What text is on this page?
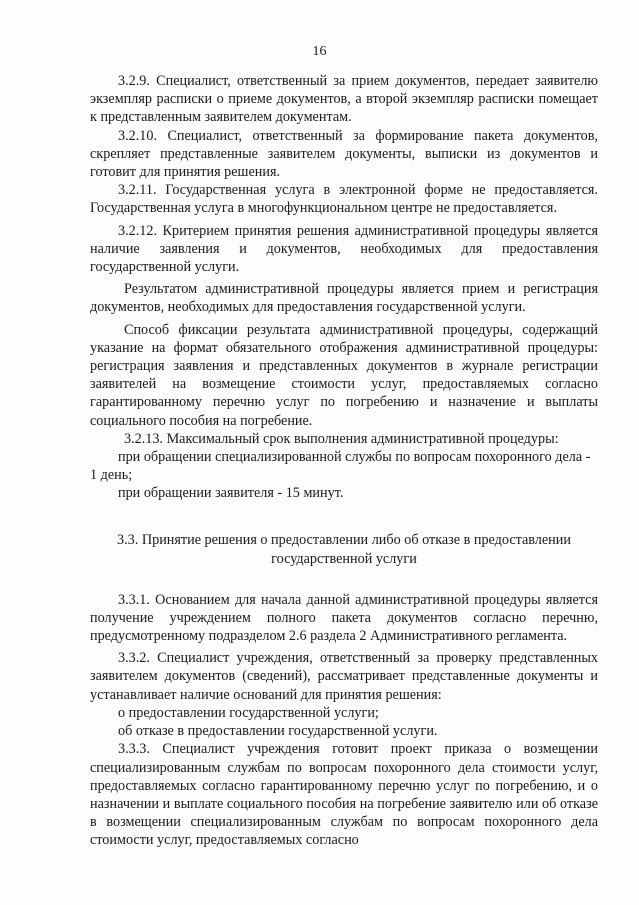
16

3.2.9. Специалист, ответственный за прием документов, передает заявителю экземпляр расписки о приеме документов, а второй экземпляр расписки помещает к представленным заявителем документам.

3.2.10. Специалист, ответственный за формирование пакета документов, скрепляет представленные заявителем документы, выписки из документов и готовит для принятия решения.

3.2.11. Государственная услуга в электронной форме не предоставляется. Государственная услуга в многофункциональном центре не предоставляется.

3.2.12. Критерием принятия решения административной процедуры является наличие заявления и документов, необходимых для предоставления государственной услуги.

Результатом административной процедуры является прием и регистрация документов, необходимых для предоставления государственной услуги.

Способ фиксации результата административной процедуры, содержащий указание на формат обязательного отображения административной процедуры: регистрация заявления и представленных документов в журнале регистрации заявителей на возмещение стоимости услуг, предоставляемых согласно гарантированному перечню услуг по погребению и назначение и выплаты социального пособия на погребение.

3.2.13. Максимальный срок выполнения административной процедуры:

при обращении специализированной службы по вопросам похоронного дела - 1 день;

при обращении заявителя - 15 минут.

3.3. Принятие решения о предоставлении либо об отказе в предоставлении

государственной услуги

3.3.1. Основанием для начала данной административной процедуры является получение учреждением полного пакета документов согласно перечню, предусмотренному подразделом 2.6 раздела 2 Административного регламента.

3.3.2. Специалист учреждения, ответственный за проверку представленных заявителем документов (сведений), рассматривает представленные документы и устанавливает наличие оснований для принятия решения:

о предоставлении государственной услуги;

об отказе в предоставлении государственной услуги.

3.3.3. Специалист учреждения готовит проект приказа о возмещении специализированным службам по вопросам похоронного дела стоимости услуг, предоставляемых согласно гарантированному перечню услуг по погребению, и о назначении и выплате социального пособия на погребение заявителю или об отказе в возмещении специализированным службам по вопросам похоронного дела стоимости услуг, предоставляемых согласно
